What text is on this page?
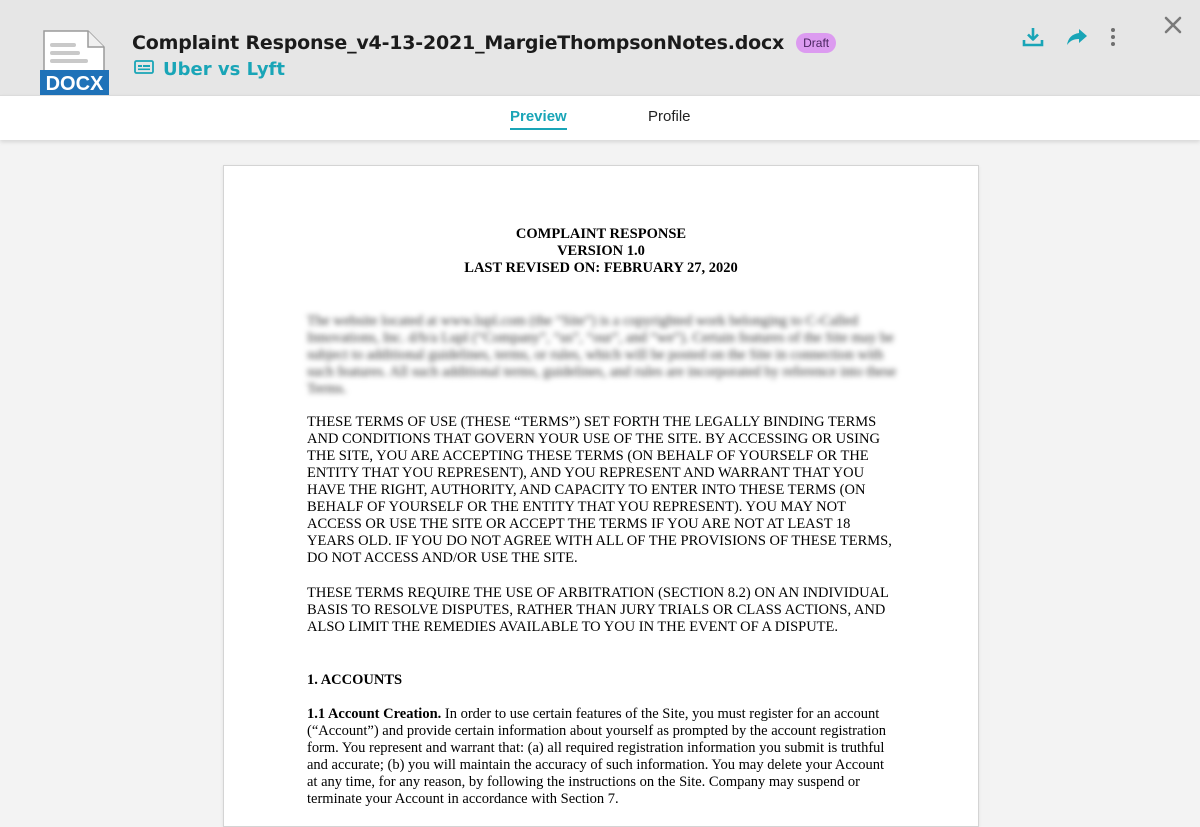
DOCX
Complaint Response_v4-13-2021_MargieThompsonNotes.docx	Draft
Uber vs Lyft
Preview	Profile
COMPLAINT RESPONSE
VERSION 1.0
LAST REVISED ON: FEBRUARY 27, 2020
The website located at www.lupl.com (the “Site”) is a copyrighted work belonging to C-Called Innovations, Inc. d/b/a Lupl (“Company”, “us”, “our”, and “we”). Certain features of the Site may be subject to additional guidelines, terms, or rules, which will be posted on the Site in connection with such features. All such additional terms, guidelines, and rules are incorporated by reference into these Terms.
THESE TERMS OF USE (THESE “TERMS”) SET FORTH THE LEGALLY BINDING TERMS AND CONDITIONS THAT GOVERN YOUR USE OF THE SITE. BY ACCESSING OR USING THE SITE, YOU ARE ACCEPTING THESE TERMS (ON BEHALF OF YOURSELF OR THE ENTITY THAT YOU REPRESENT), AND YOU REPRESENT AND WARRANT THAT YOU HAVE THE RIGHT, AUTHORITY, AND CAPACITY TO ENTER INTO THESE TERMS (ON BEHALF OF YOURSELF OR THE ENTITY THAT YOU REPRESENT). YOU MAY NOT ACCESS OR USE THE SITE OR ACCEPT THE TERMS IF YOU ARE NOT AT LEAST 18 YEARS OLD. IF YOU DO NOT AGREE WITH ALL OF THE PROVISIONS OF THESE TERMS, DO NOT ACCESS AND/OR USE THE SITE.
THESE TERMS REQUIRE THE USE OF ARBITRATION (SECTION 8.2) ON AN INDIVIDUAL BASIS TO RESOLVE DISPUTES, RATHER THAN JURY TRIALS OR CLASS ACTIONS, AND ALSO LIMIT THE REMEDIES AVAILABLE TO YOU IN THE EVENT OF A DISPUTE.
1. ACCOUNTS
1.1 Account Creation. In order to use certain features of the Site, you must register for an account (“Account”) and provide certain information about yourself as prompted by the account registration form. You represent and warrant that: (a) all required registration information you submit is truthful and accurate; (b) you will maintain the accuracy of such information. You may delete your Account at any time, for any reason, by following the instructions on the Site. Company may suspend or terminate your Account in accordance with Section 7.
